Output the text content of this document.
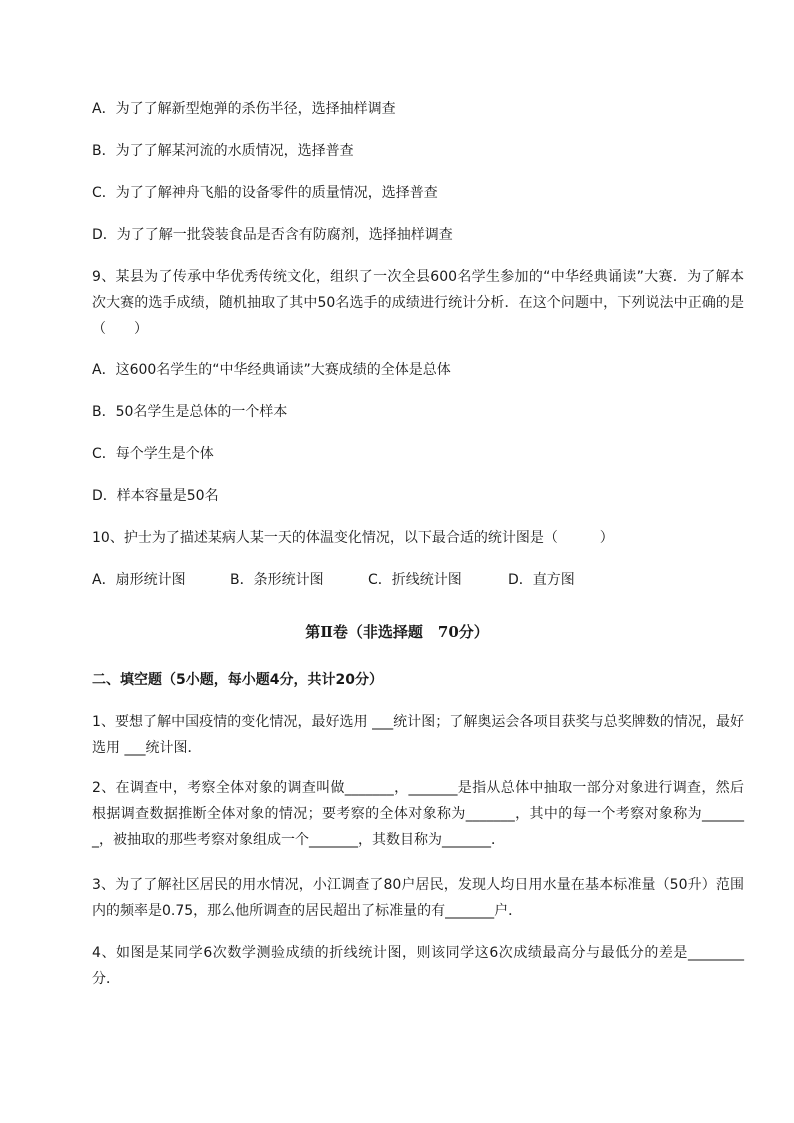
A．为了了解新型炮弹的杀伤半径，选择抽样调查
B．为了了解某河流的水质情况，选择普查
C．为了了解神舟飞船的设备零件的质量情况，选择普查
D．为了了解一批袋装食品是否含有防腐剂，选择抽样调查
9、某县为了传承中华优秀传统文化，组织了一次全县600名学生参加的“中华经典诵读”大赛．为了解本次大赛的选手成绩，随机抽取了其中50名选手的成绩进行统计分析．在这个问题中，下列说法中正确的是（　　）
A．这600名学生的“中华经典诵读”大赛成绩的全体是总体
B．50名学生是总体的一个样本
C．每个学生是个体
D．样本容量是50名
10、护士为了描述某病人某一天的体温变化情况，以下最合适的统计图是（　　　）
A．扇形统计图	B．条形统计图	C．折线统计图	D．直方图
第Ⅱ卷（非选择题　70分）
二、填空题（5小题，每小题4分，共计20分）
1、要想了解中国疫情的变化情况，最好选用 ___统计图；了解奥运会各项目获奖与总奖牌数的情况，最好选用 ___统计图．
2、在调查中，考察全体对象的调查叫做_______，_______是指从总体中抽取一部分对象进行调查，然后根据调查数据推断全体对象的情况；要考察的全体对象称为_______，其中的每一个考察对象称为_______，被抽取的那些考察对象组成一个_______，其数目称为_______．
3、为了了解社区居民的用水情况，小江调查了80户居民，发现人均日用水量在基本标准量（50升）范围内的频率是0.75，那么他所调查的居民超出了标准量的有_______户．
4、如图是某同学6次数学测验成绩的折线统计图，则该同学这6次成绩最高分与最低分的差是________分．
